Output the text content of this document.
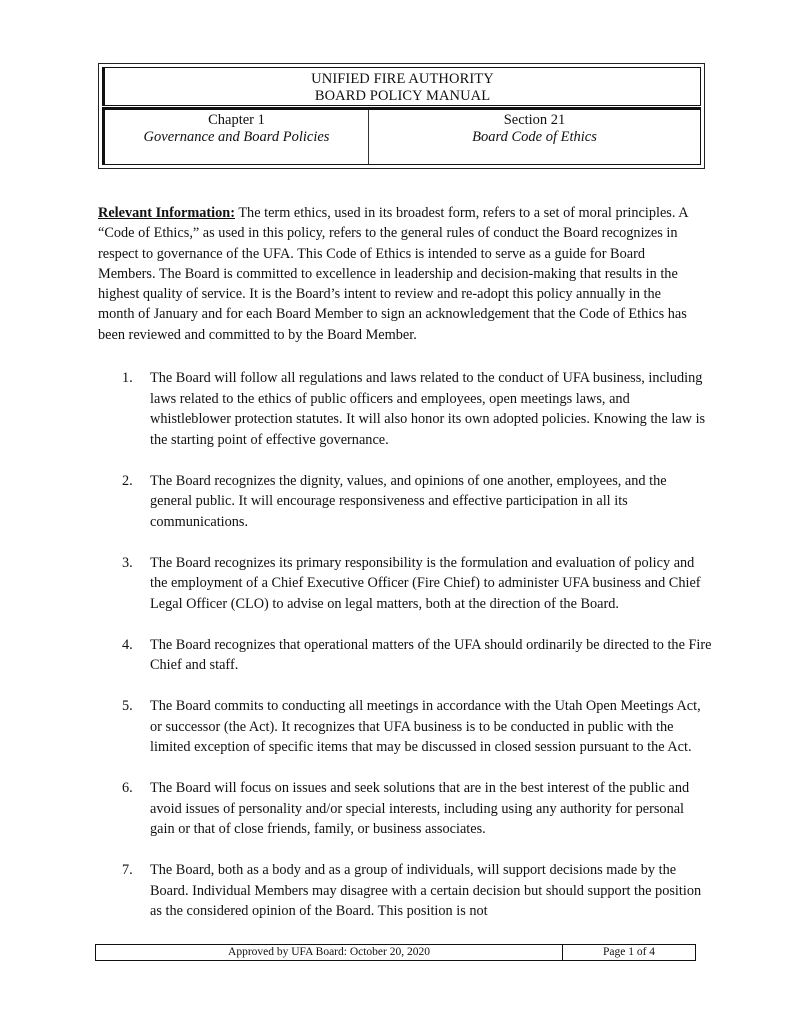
UNIFIED FIRE AUTHORITY
BOARD POLICY MANUAL
Chapter 1
Governance and Board Policies
Section 21
Board Code of Ethics

Relevant Information: The term ethics, used in its broadest form, refers to a set of moral principles. A “Code of Ethics,” as used in this policy, refers to the general rules of conduct the Board recognizes in respect to governance of the UFA. This Code of Ethics is intended to serve as a guide for Board Members. The Board is committed to excellence in leadership and decision-making that results in the highest quality of service. It is the Board’s intent to review and re-adopt this policy annually in the month of January and for each Board Member to sign an acknowledgement that the Code of Ethics has been reviewed and committed to by the Board Member.

1. The Board will follow all regulations and laws related to the conduct of UFA business, including laws related to the ethics of public officers and employees, open meetings laws, and whistleblower protection statutes. It will also honor its own adopted policies. Knowing the law is the starting point of effective governance.
2. The Board recognizes the dignity, values, and opinions of one another, employees, and the general public. It will encourage responsiveness and effective participation in all its communications.
3. The Board recognizes its primary responsibility is the formulation and evaluation of policy and the employment of a Chief Executive Officer (Fire Chief) to administer UFA business and Chief Legal Officer (CLO) to advise on legal matters, both at the direction of the Board.
4. The Board recognizes that operational matters of the UFA should ordinarily be directed to the Fire Chief and staff.
5. The Board commits to conducting all meetings in accordance with the Utah Open Meetings Act, or successor (the Act). It recognizes that UFA business is to be conducted in public with the limited exception of specific items that may be discussed in closed session pursuant to the Act.
6. The Board will focus on issues and seek solutions that are in the best interest of the public and avoid issues of personality and/or special interests, including using any authority for personal gain or that of close friends, family, or business associates.
7. The Board, both as a body and as a group of individuals, will support decisions made by the Board. Individual Members may disagree with a certain decision but should support the position as the considered opinion of the Board. This position is not
Approved by UFA Board: October 20, 2020	Page 1 of 4
